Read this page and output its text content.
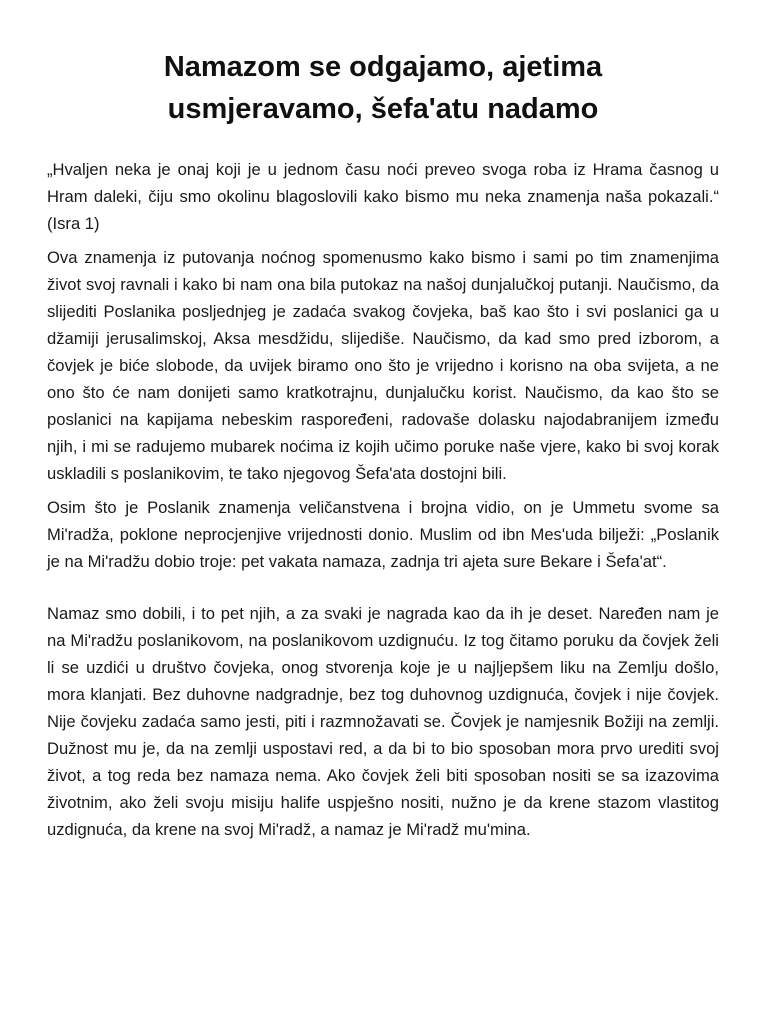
Namazom se odgajamo, ajetima
usmjeravamo, šefa'atu nadamo

„Hvaljen neka je onaj koji je u jednom času noći preveo svoga roba iz Hrama časnog u Hram daleki, čiju smo okolinu blagoslovili kako bismo mu neka znamenja naša pokazali.“ (Isra 1)

Ova znamenja iz putovanja noćnog spomenusmo kako bismo i sami po tim znamenjima život svoj ravnali i kako bi nam ona bila putokaz na našoj dunjalučkoj putanji. Naučismo, da slijediti Poslanika posljednjeg je zadaća svakog čovjeka, baš kao što i svi poslanici ga u džamiji jerusalimskoj, Aksa mesdžidu, slijediše. Naučismo, da kad smo pred izborom, a čovjek je biće slobode, da uvijek biramo ono što je vrijedno i korisno na oba svijeta, a ne ono što će nam donijeti samo kratkotrajnu, dunjalučku korist. Naučismo, da kao što se poslanici na kapijama nebeskim raspoređeni, radovaše dolasku najodabranijem između njih, i mi se radujemo mubarek noćima iz kojih učimo poruke naše vjere, kako bi svoj korak uskladili s poslanikovim, te tako njegovog Šefa'ata dostojni bili.

Osim što je Poslanik znamenja veličanstvena i brojna vidio, on je Ummetu svome sa Mi'radža, poklone neprocjenjive vrijednosti donio. Muslim od ibn Mes'uda bilježi: „Poslanik je na Mi'radžu dobio troje: pet vakata namaza, zadnja tri ajeta sure Bekare i Šefa'at“.

Namaz smo dobili, i to pet njih, a za svaki je nagrada kao da ih je deset. Naređen nam je na Mi'radžu poslanikovom, na poslanikovom uzdignuću. Iz tog čitamo poruku da čovjek želi li se uzdići u društvo čovjeka, onog stvorenja koje je u najljepšem liku na Zemlju došlo, mora klanjati. Bez duhovne nadgradnje, bez tog duhovnog uzdignuća, čovjek i nije čovjek. Nije čovjeku zadaća samo jesti, piti i razmnožavati se. Čovjek je namjesnik Božiji na zemlji. Dužnost mu je, da na zemlji uspostavi red, a da bi to bio sposoban mora prvo urediti svoj život, a tog reda bez namaza nema. Ako čovjek želi biti sposoban nositi se sa izazovima životnim, ako želi svoju misiju halife uspješno nositi, nužno je da krene stazom vlastitog uzdignuća, da krene na svoj Mi'radž, a namaz je Mi'radž mu'mina.
